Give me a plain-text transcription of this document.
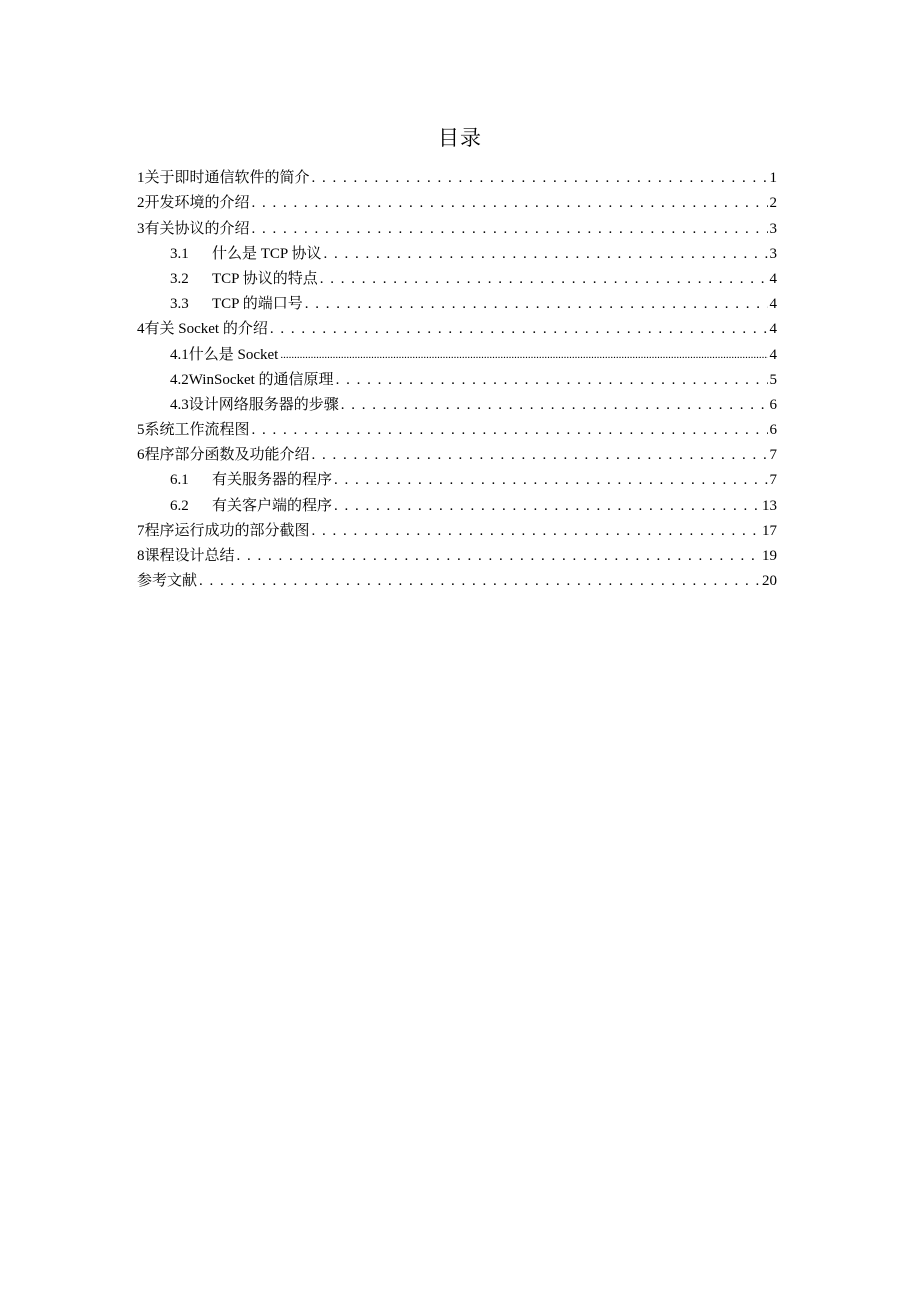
目录
1 关于即时通信软件的简介 . . .	1
2 开发环境的介绍 . . .	2
3 有关协议的介绍 . . .	3
3.1	什么是 TCP 协议 . . .	3
3.2	TCP 协议的特点 . . .	4
3.3	TCP 的端口号 . . .	4
4 有关 Socket 的介绍 . . .	4
4.1 什么是 Socket .....	4
4.2 WinSocket 的通信原理 . . .	5
4.3 设计网络服务器的步骤 . . .	6
5 系统工作流程图 . . .	6
6 程序部分函数及功能介绍 . . .	7
6.1	有关服务器的程序 . . .	7
6.2	有关客户端的程序 . . .	13
7 程序运行成功的部分截图 . . .	17
8 课程设计总结 . . .	19
参考文献 . . .	20
